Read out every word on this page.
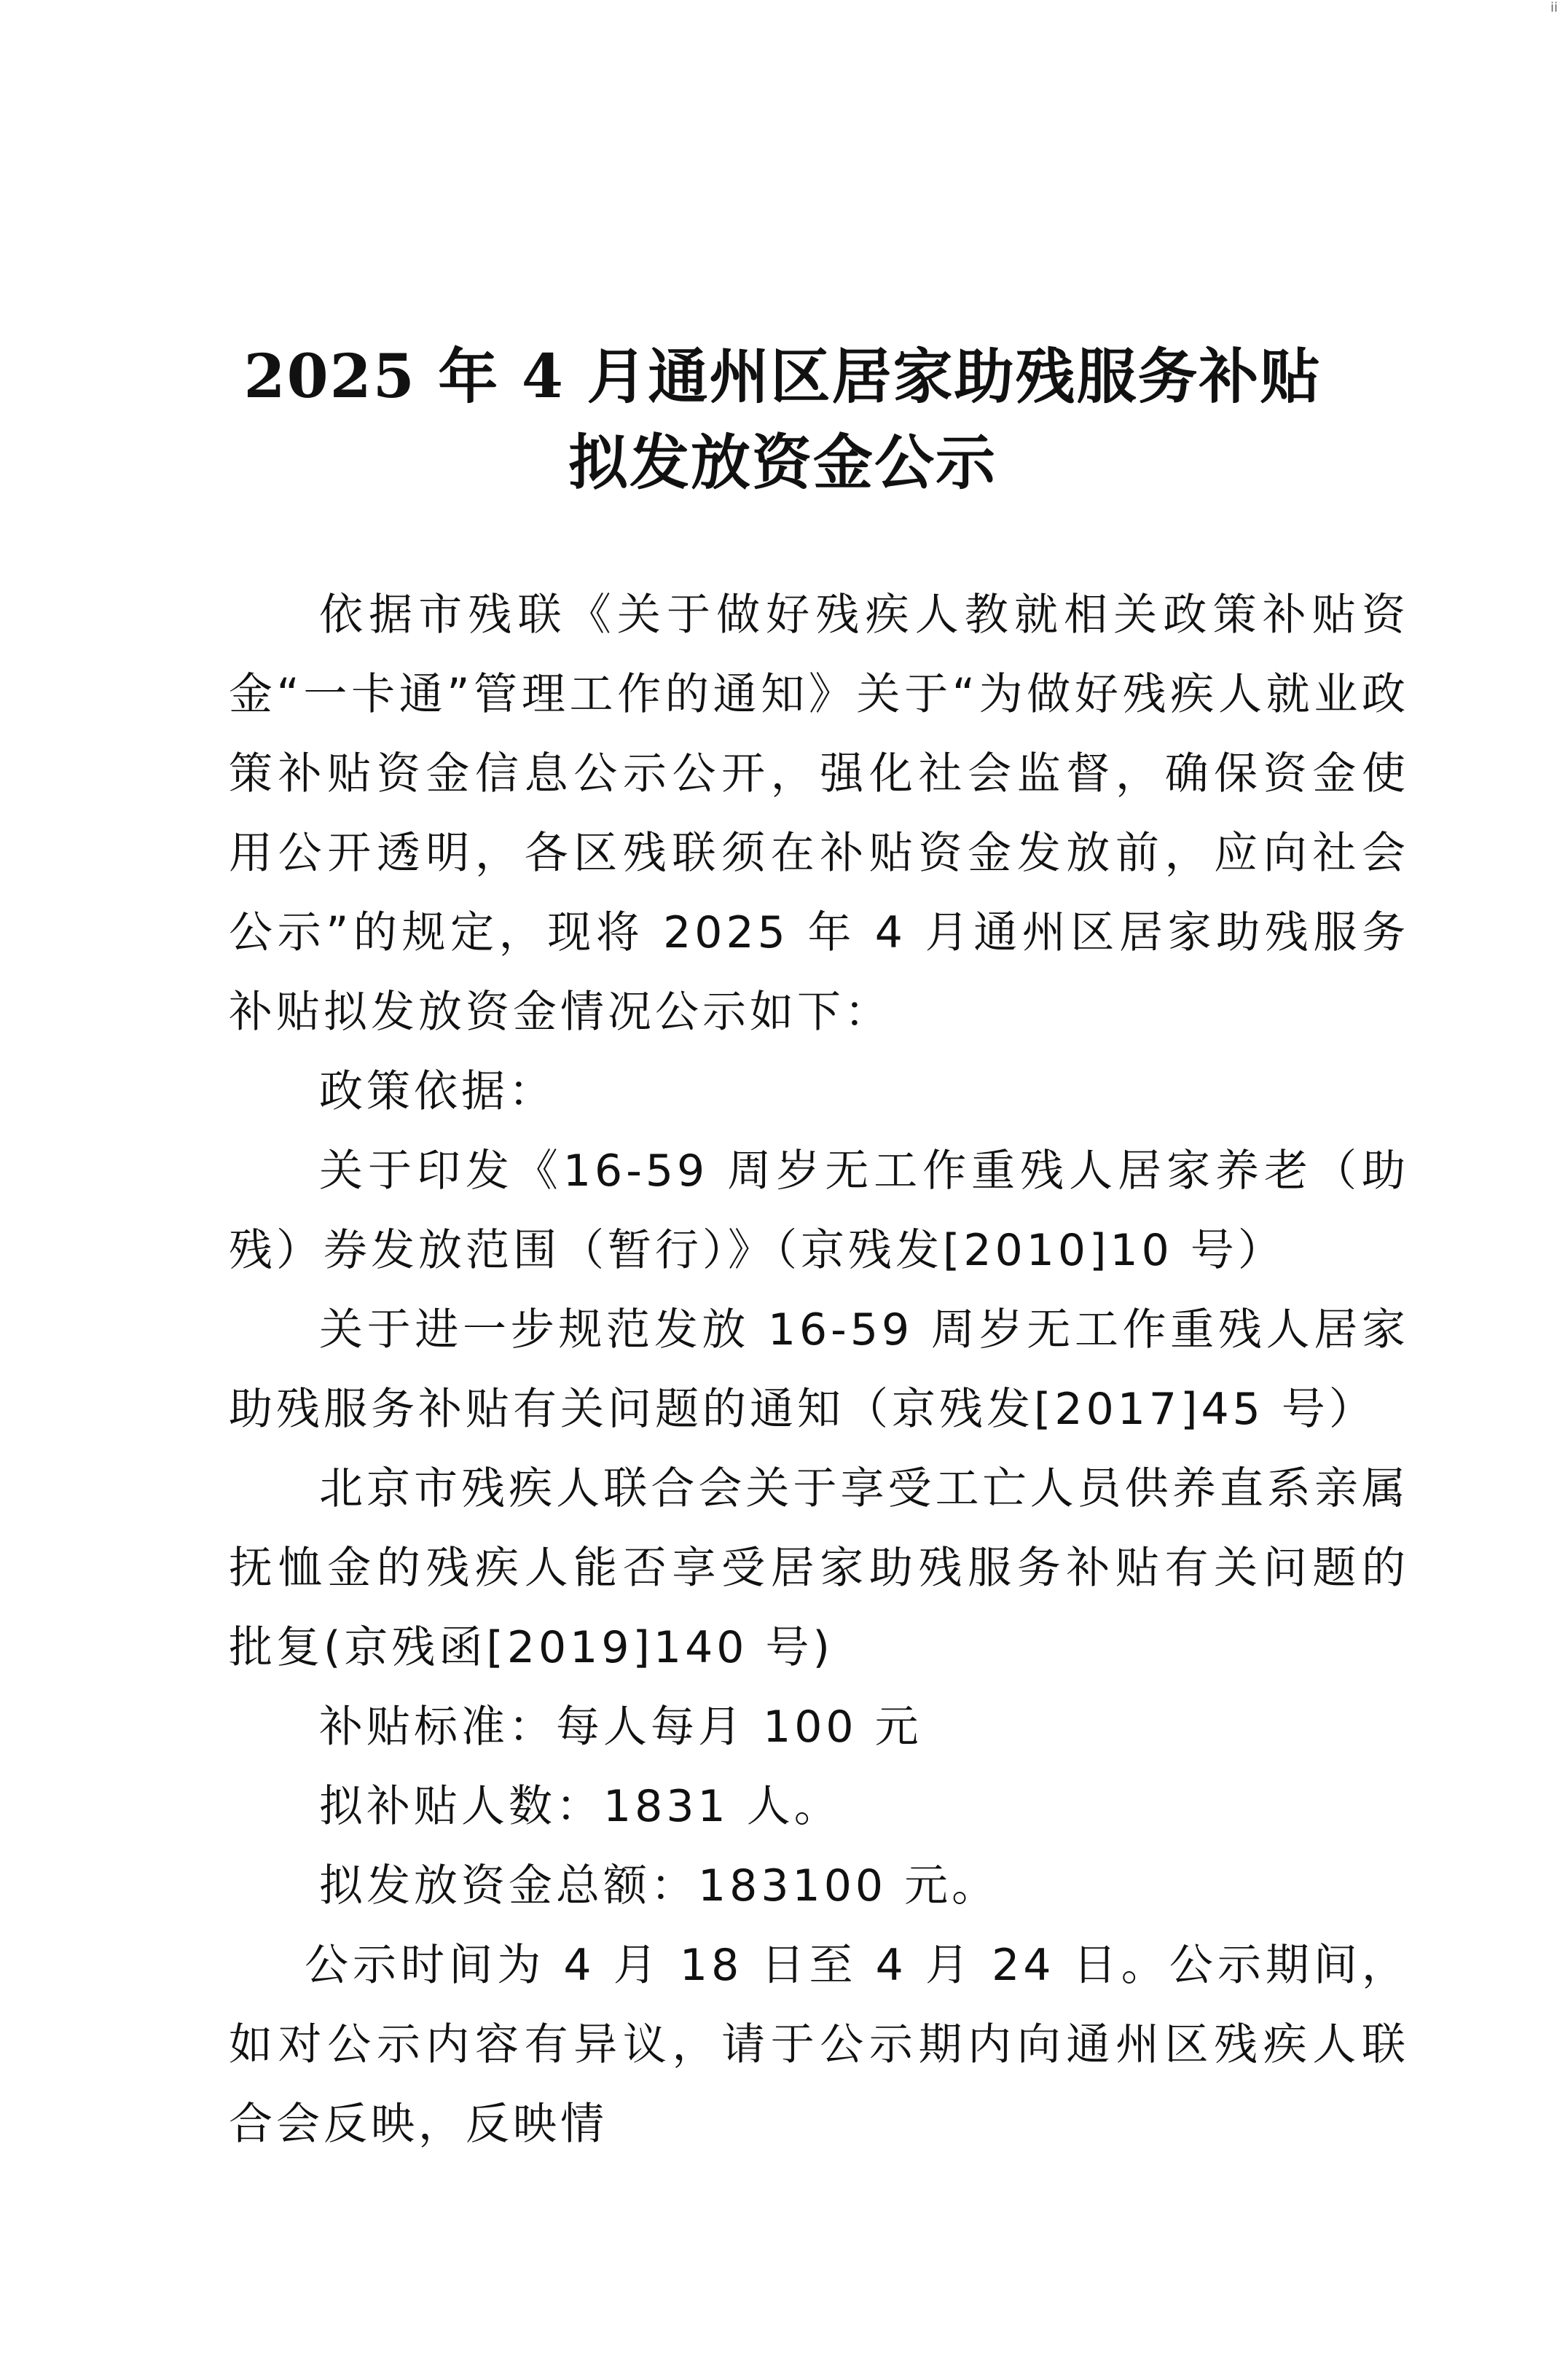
ii
2025 年 4 月通州区居家助残服务补贴
拟发放资金公示

依据市残联《关于做好残疾人教就相关政策补贴资金“一卡通”管理工作的通知》关于“为做好残疾人就业政策补贴资金信息公示公开，强化社会监督，确保资金使用公开透明，各区残联须在补贴资金发放前，应向社会公示”的规定，现将 2025 年 4 月通州区居家助残服务补贴拟发放资金情况公示如下：

政策依据：

关于印发《16-59 周岁无工作重残人居家养老（助残）券发放范围（暂行）》（京残发[2010]10 号）

关于进一步规范发放 16-59 周岁无工作重残人居家助残服务补贴有关问题的通知（京残发[2017]45 号）

北京市残疾人联合会关于享受工亡人员供养直系亲属抚恤金的残疾人能否享受居家助残服务补贴有关问题的批复(京残函[2019]140 号)

补贴标准：每人每月 100 元

拟补贴人数：1831 人。

拟发放资金总额：183100 元。

公示时间为 4 月 18 日至 4 月 24 日。公示期间，如对公示内容有异议，请于公示期内向通州区残疾人联合会反映，反映情
